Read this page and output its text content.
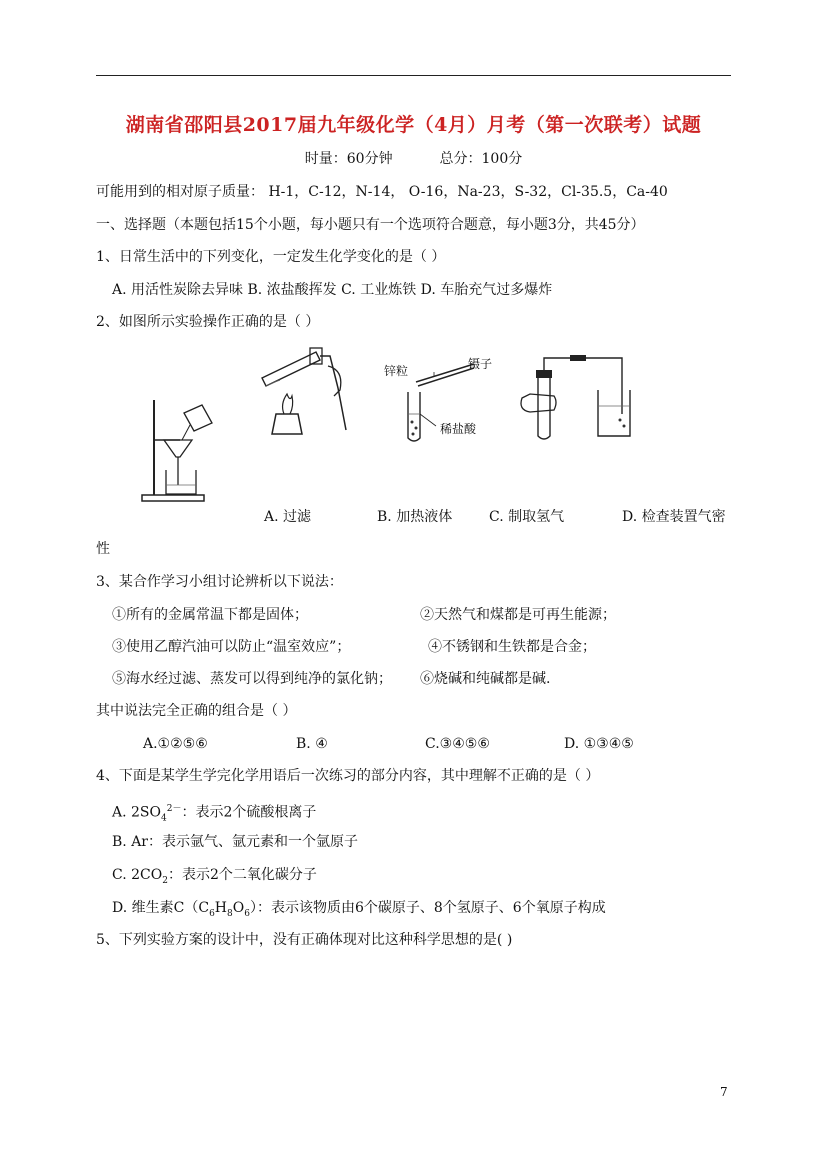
湖南省邵阳县2017届九年级化学（4月）月考（第一次联考）试题
时量：60分钟	总分：100分
可能用到的相对原子质量： H-1，C-12，N-14， O-16，Na-23，S-32，Cl-35.5，Ca-40
一、选择题（本题包括15个小题，每小题只有一个选项符合题意，每小题3分，共45分）
1、日常生活中的下列变化，一定发生化学变化的是（ ）
A. 用活性炭除去异味 B. 浓盐酸挥发 C. 工业炼铁 D. 车胎充气过多爆炸
2、如图所示实验操作正确的是（ ）
锌粒	镊子
稀盐酸
A. 过滤	B. 加热液体	C. 制取氢气	D. 检查装置气密
性
3、某合作学习小组讨论辨析以下说法：
①所有的金属常温下都是固体；	②天然气和煤都是可再生能源；
③使用乙醇汽油可以防止“温室效应”；	④不锈钢和生铁都是合金；
⑤海水经过滤、蒸发可以得到纯净的氯化钠； ⑥烧碱和纯碱都是碱.
其中说法完全正确的组合是（ ）
A.①②⑤⑥	B. ④	C.③④⑤⑥	D. ①③④⑤
4、下面是某学生学完化学用语后一次练习的部分内容，其中理解不正确的是（ ）
A. $2SO_4^{2-}$：表示2个硫酸根离子
B. Ar：表示氩气、氩元素和一个氩原子
C. $2CO_2$：表示2个二氧化碳分子
D. 维生素$C(C_6H_8O_6)$：表示该物质由6个碳原子、8个氢原子、6个氧原子构成
5、下列实验方案的设计中，没有正确体现对比这种科学思想的是( )
7
